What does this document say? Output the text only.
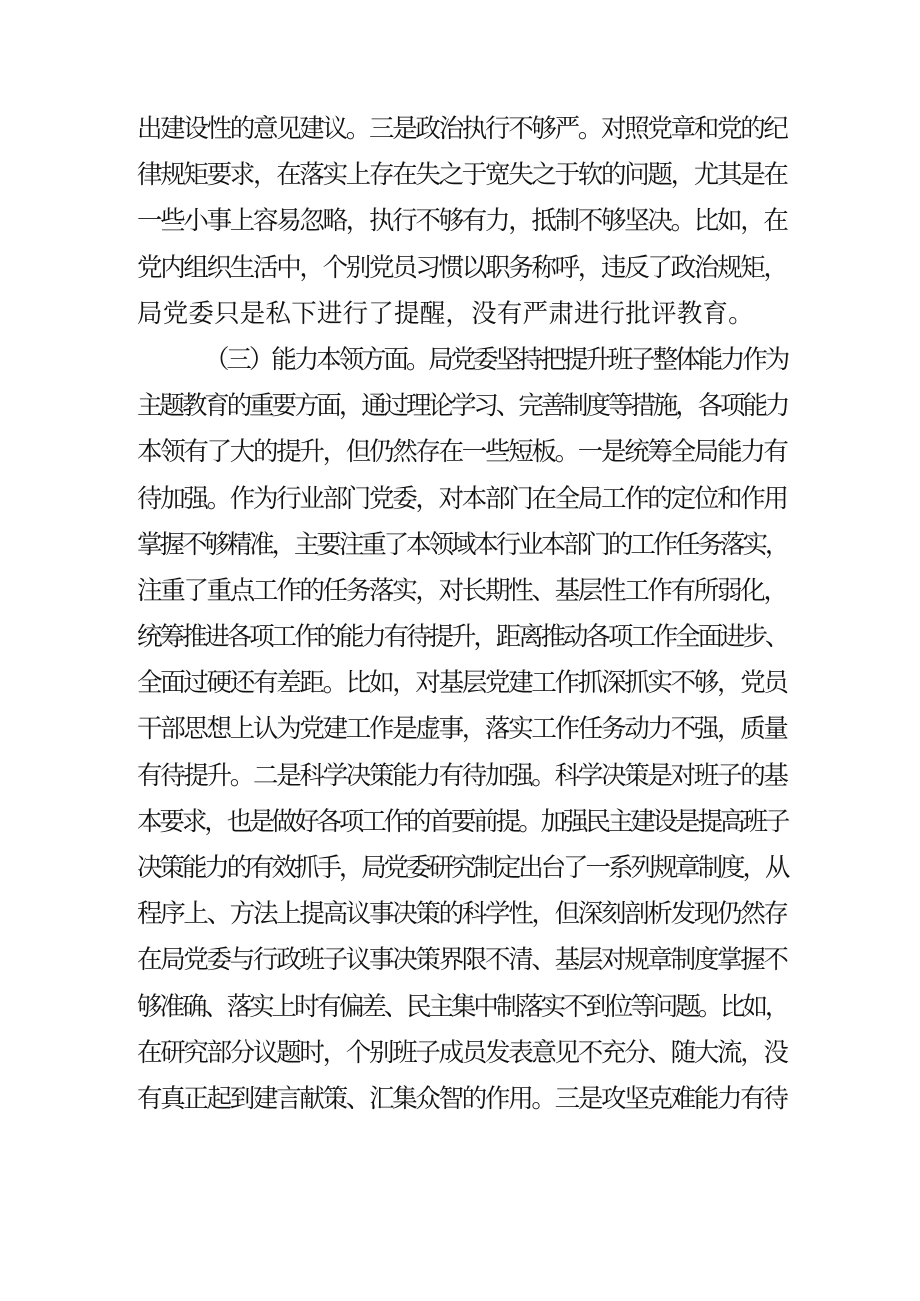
出建设性的意见建议。三是政治执行不够严。对照党章和党的纪
律规矩要求，在落实上存在失之于宽失之于软的问题，尤其是在
一些小事上容易忽略，执行不够有力，抵制不够坚决。比如，在
党内组织生活中，个别党员习惯以职务称呼，违反了政治规矩，
局党委只是私下进行了提醒，没有严肃进行批评教育。
（三）能力本领方面。局党委坚持把提升班子整体能力作为
主题教育的重要方面，通过理论学习、完善制度等措施，各项能力
本领有了大的提升，但仍然存在一些短板。一是统筹全局能力有
待加强。作为行业部门党委，对本部门在全局工作的定位和作用
掌握不够精准，主要注重了本领域本行业本部门的工作任务落实，
注重了重点工作的任务落实，对长期性、基层性工作有所弱化，
统筹推进各项工作的能力有待提升，距离推动各项工作全面进步、
全面过硬还有差距。比如，对基层党建工作抓深抓实不够，党员
干部思想上认为党建工作是虚事，落实工作任务动力不强，质量
有待提升。二是科学决策能力有待加强。科学决策是对班子的基
本要求，也是做好各项工作的首要前提。加强民主建设是提高班子
决策能力的有效抓手，局党委研究制定出台了一系列规章制度，从
程序上、方法上提高议事决策的科学性，但深刻剖析发现仍然存
在局党委与行政班子议事决策界限不清、基层对规章制度掌握不
够准确、落实上时有偏差、民主集中制落实不到位等问题。比如，
在研究部分议题时，个别班子成员发表意见不充分、随大流，没
有真正起到建言献策、汇集众智的作用。三是攻坚克难能力有待
